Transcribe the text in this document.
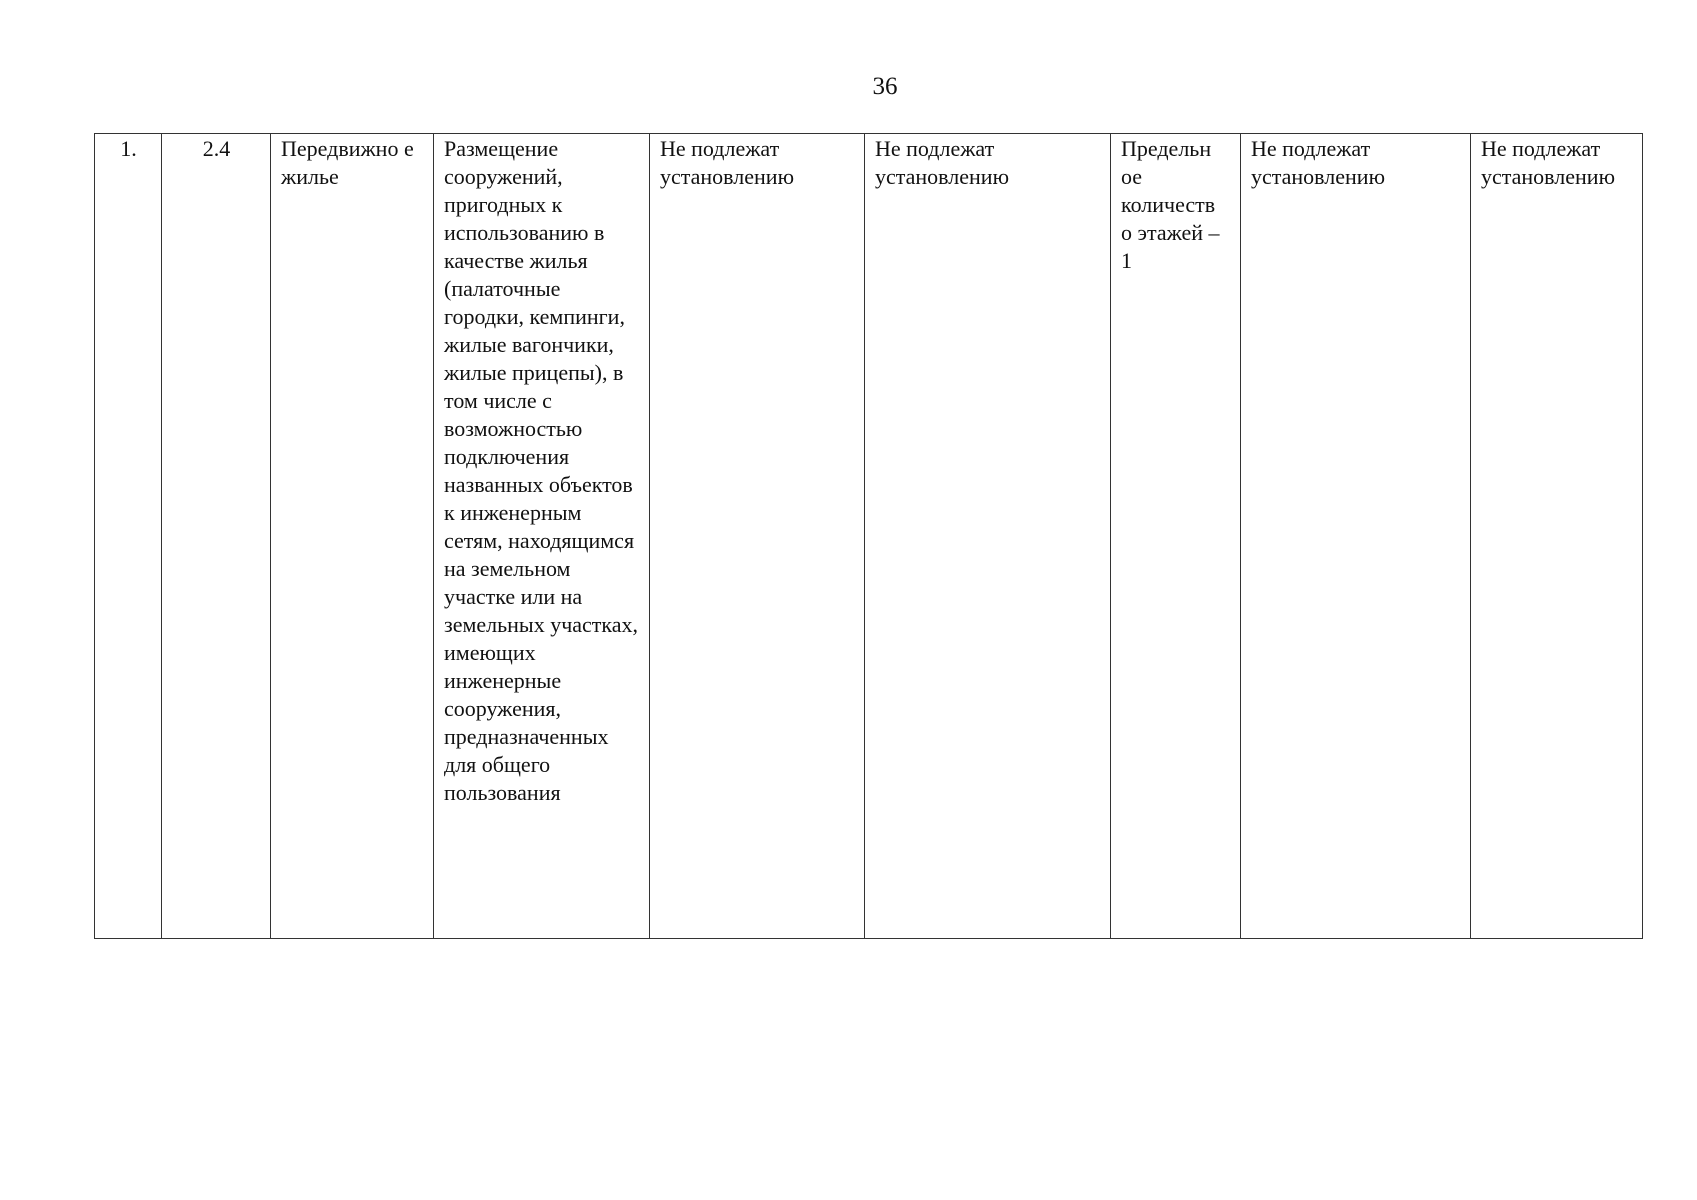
36
1.	2.4	Передвижно е жилье	Размещение сооружений, пригодных к использованию в качестве жилья (палаточные городки, кемпинги, жилые вагончики, жилые прицепы), в том числе с возможностью подключения названных объектов к инженерным сетям, находящимся на земельном участке или на земельных участках, имеющих инженерные сооружения, предназначенных для общего пользования	Не подлежат установлению	Не подлежат установлению	Предельн ое количеств о этажей – 1	Не подлежат установлению	Не подлежат установлению
